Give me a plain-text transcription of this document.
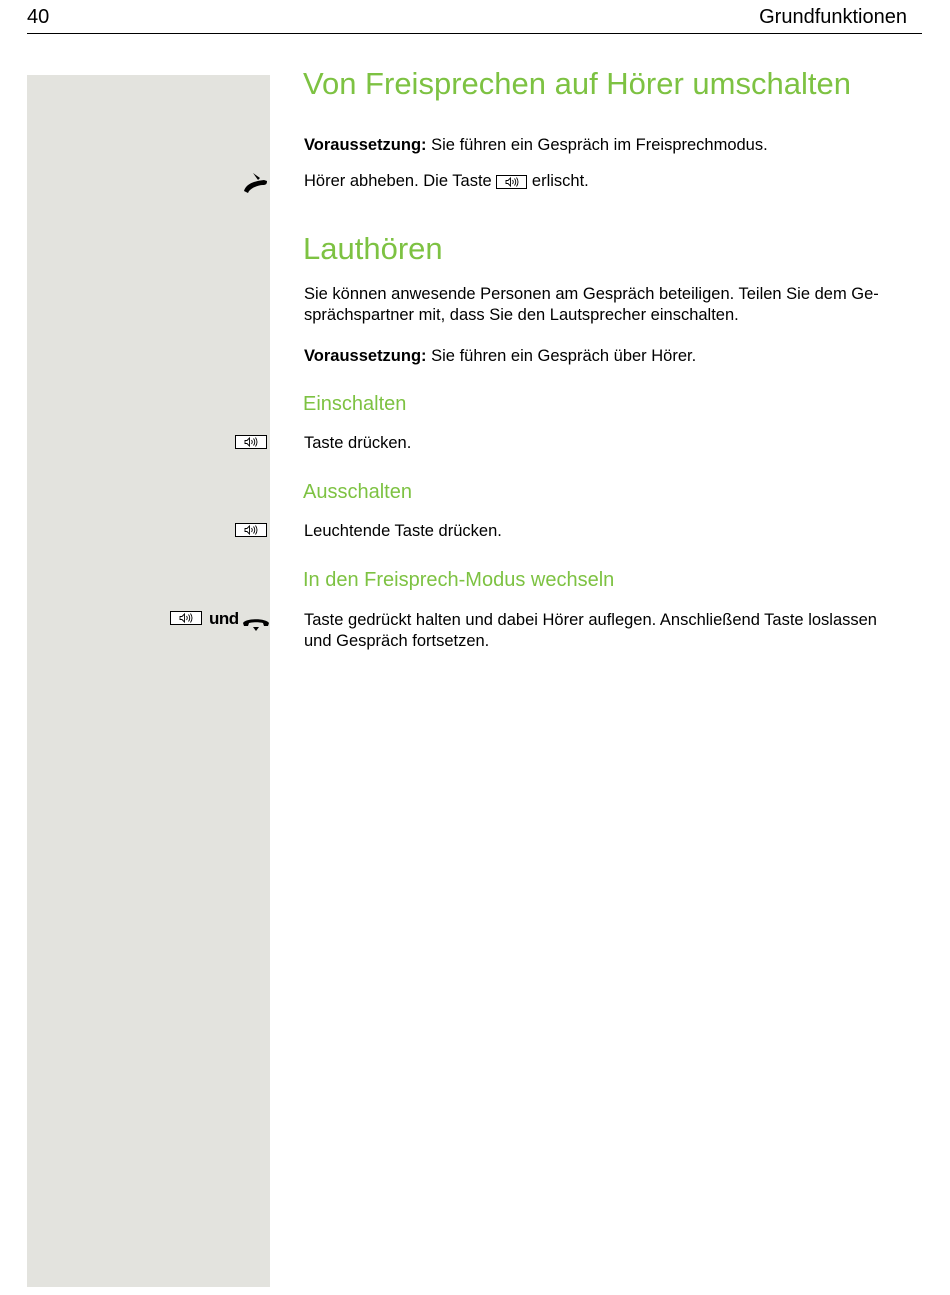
40	Grundfunktionen
Von Freisprechen auf Hörer umschalten

Voraussetzung: Sie führen ein Gespräch im Freisprechmodus.

Hörer abheben. Die Taste
erlischt.

Lauthören

Sie können anwesende Personen am Gespräch beteiligen. Teilen Sie dem Ge-
sprächspartner mit, dass Sie den Lautsprecher einschalten.

Voraussetzung: Sie führen ein Gespräch über Hörer.

Einschalten

Taste drücken.

Ausschalten

Leuchtende Taste drücken.

In den Freisprech-Modus wechseln
und	Taste gedrückt halten und dabei Hörer auflegen. Anschließend Taste loslassen
und Gespräch fortsetzen.
